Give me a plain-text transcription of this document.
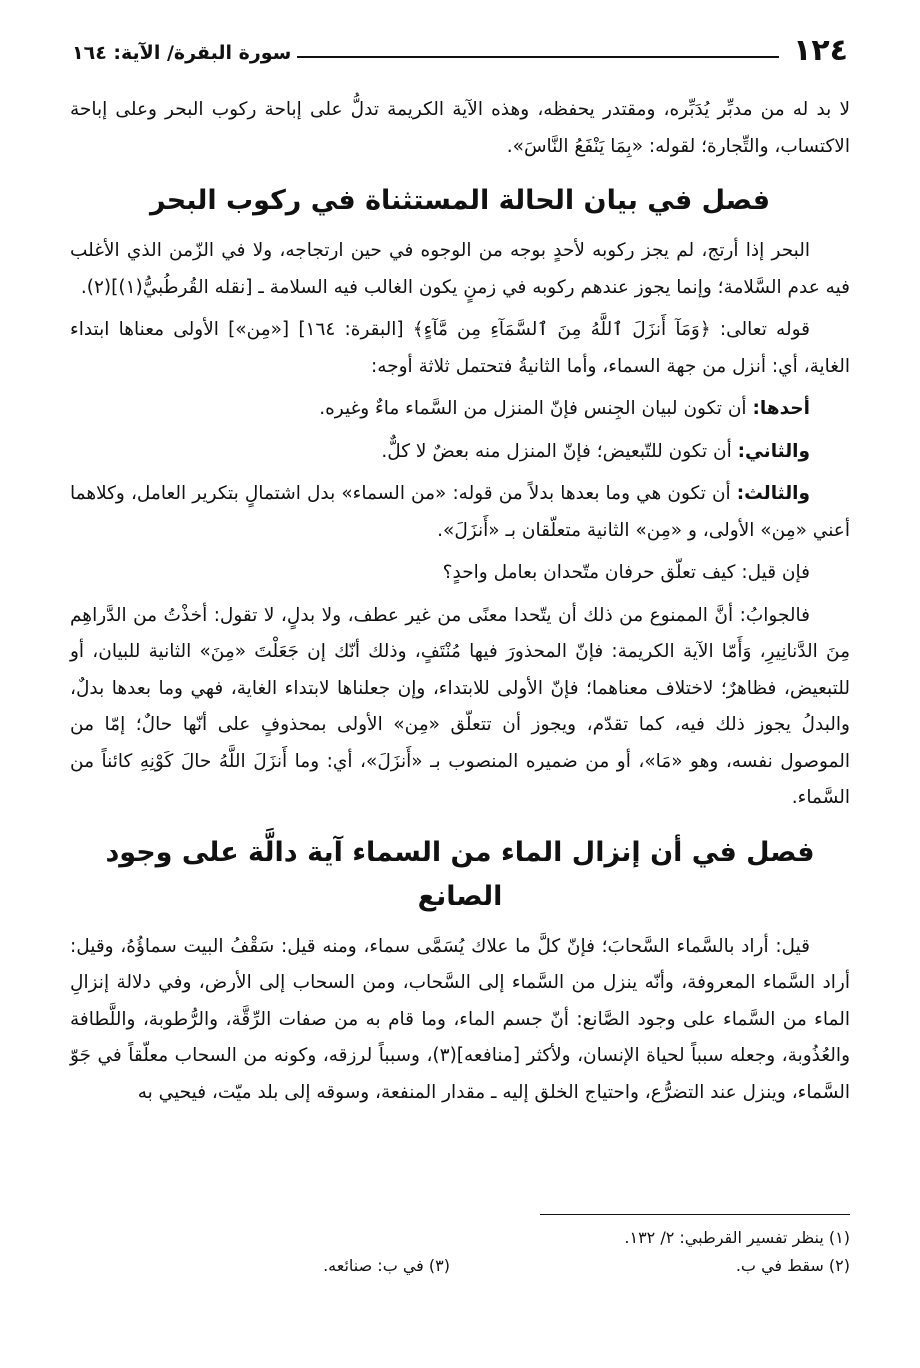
١٢٤
سورة البقرة/ الآية: ١٦٤

لا بد له من مدبِّر يُدَبِّره، ومقتدر يحفظه، وهذه الآية الكريمة تدلُّ على إباحة ركوب البحر وعلى إباحة الاكتساب، والتِّجارة؛ لقوله: «بِمَا يَنْفَعُ النَّاسَ».

فصل في بيان الحالة المستثناة في ركوب البحر

البحر إذا أرتج، لم يجز ركوبه لأحدٍ بوجه من الوجوه في حين ارتجاجه، ولا في الزّمن الذي الأغلب فيه عدم السَّلامة؛ وإنما يجوز عندهم ركوبه في زمنٍ يكون الغالب فيه السلامة ـ [نقله القُرطُبيُّ(١)](٢).

قوله تعالى: ﴿وَمَآ أَنزَلَ ٱللَّهُ مِنَ ٱلسَّمَآءِ مِن مَّآءٍ﴾ [البقرة: ١٦٤] [«مِن»] الأولى معناها ابتداء الغاية، أي: أنزل من جهة السماء، وأما الثانيةُ فتحتمل ثلاثة أوجه:

أحدها: أن تكون لبيان الجِنس فإنّ المنزل من السَّماء ماءٌ وغيره.

والثاني: أن تكون للتّبعيض؛ فإنّ المنزل منه بعضٌ لا كلٌّ.

والثالث: أن تكون هي وما بعدها بدلاً من قوله: «من السماء» بدل اشتمالٍ بتكرير العامل، وكلاهما أعني «مِن» الأولى، و «مِن» الثانية متعلّقان بـ «أَنزَلَ».

فإن قيل: كيف تعلّق حرفان متّحدان بعامل واحدٍ؟

فالجوابُ: أنَّ الممنوع من ذلك أن يتّحدا معنًى من غير عطف، ولا بدلٍ، لا تقول: أخذْتُ من الدَّراهِم مِنَ الدَّنانِيرِ، وَأَمّا الآية الكريمة: فإنّ المحذورَ فيها مُنْتَفٍ، وذلك أنّك إن جَعَلْتَ «مِنَ» الثانية للبيان، أو للتبعيض، فظاهرٌ؛ لاختلاف معناهما؛ فإنّ الأولى للابتداء، وإن جعلناها لابتداء الغاية، فهي وما بعدها بدلٌ، والبدلُ يجوز ذلك فيه، كما تقدّم، ويجوز أن تتعلّق «مِن» الأولى بمحذوفٍ على أنّها حالٌ؛ إمّا من الموصول نفسه، وهو «مَا»، أو من ضميره المنصوب بـ «أَنزَلَ»، أي: وما أَنزَلَ اللَّهُ حالَ كَوْنِهِ كائناً من السَّماء.

فصل في أن إنزال الماء من السماء آية دالَّة على وجود الصانع

قيل: أراد بالسَّماء السَّحابَ؛ فإنّ كلَّ ما علاك يُسَمَّى سماء، ومنه قيل: سَقْفُ البيت سماؤُهُ، وقيل: أراد السَّماء المعروفة، وأنّه ينزل من السَّماء إلى السَّحاب، ومن السحاب إلى الأرض، وفي دلالة إنزالِ الماء من السَّماء على وجود الصَّانع: أنّ جسم الماء، وما قام به من صفات الرِّقَّة، والرُّطوبة، واللَّطافة والعُذُوبة، وجعله سبباً لحياة الإنسان، ولأكثر [منافعه](٣)، وسبباً لرزقه، وكونه من السحاب معلّقاً في جَوّ السَّماء، وينزل عند التضرُّع، واحتياج الخلق إليه ـ مقدار المنفعة، وسوقه إلى بلد ميّت، فيحيي به

(١) ينظر تفسير القرطبي: ٢/ ١٣٢.
(٢) سقط في ب.
(٣) في ب: صنائعه.
